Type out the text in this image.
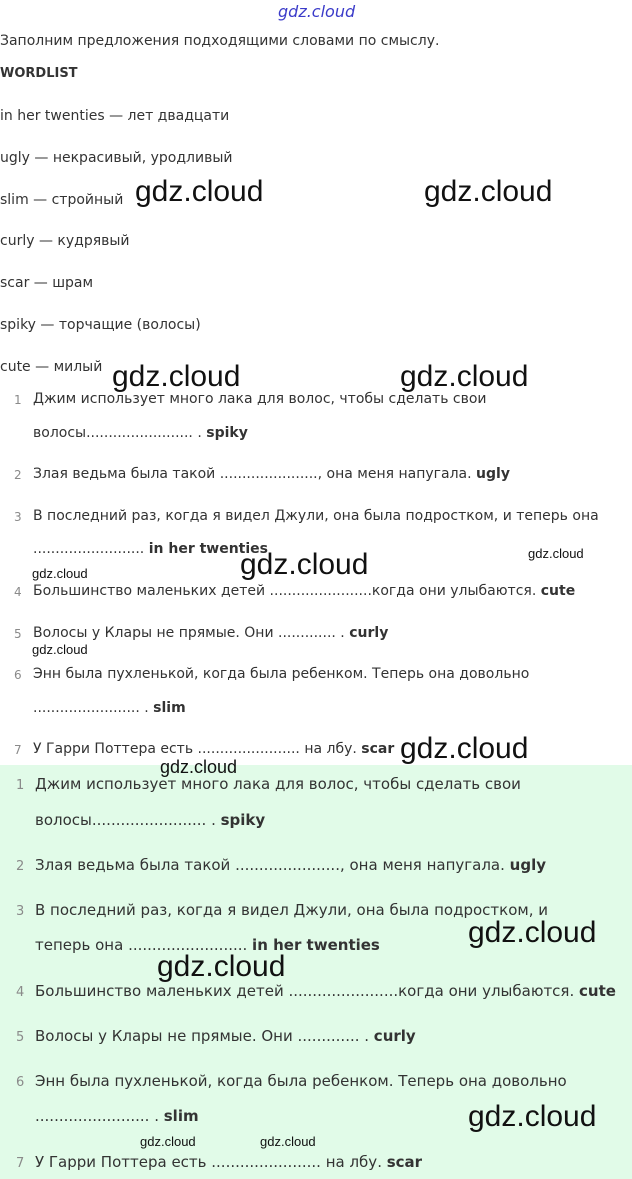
gdz.cloud
Заполним предложения подходящими словами по смыслу.
WORDLIST
in her twenties — лет двадцати
ugly — некрасивый, уродливый
slim — стройный
curly — кудрявый
scar — шрам
spiky — торчащие (волосы)
cute — милый
1 Джим использует много лака для волос, чтобы сделать свои
волосы........................ . spiky
2 Злая ведьма была такой ......................, она меня напугала. ugly
3 В последний раз, когда я видел Джули, она была подростком, и теперь она
......................... in her twenties
4 Большинство маленьких детей .......................когда они улыбаются. cute
5 Волосы у Клары не прямые. Они ............. . curly
6 Энн была пухленькой, когда была ребенком. Теперь она довольно
........................ . slim
7 У Гарри Поттера есть ....................... на лбу. scar
1 Джим использует много лака для волос, чтобы сделать свои
волосы........................ . spiky
2 Злая ведьма была такой ......................, она меня напугала. ugly
3 В последний раз, когда я видел Джули, она была подростком, и
теперь она ......................... in her twenties
4 Большинство маленьких детей .......................когда они улыбаются. cute
5 Волосы у Клары не прямые. Они ............. . curly
6 Энн была пухленькой, когда была ребенком. Теперь она довольно
........................ . slim
7 У Гарри Поттера есть ....................... на лбу. scar
gdz.cloud	gdz.cloud
gdz.cloud	gdz.cloud
gdz.cloud	gdz.cloud
gdz.cloud
gdz.cloud
gdz.cloud
gdz.cloud
gdz.cloud
gdz.cloud
gdz.cloud
gdz.cloud	gdz.cloud
